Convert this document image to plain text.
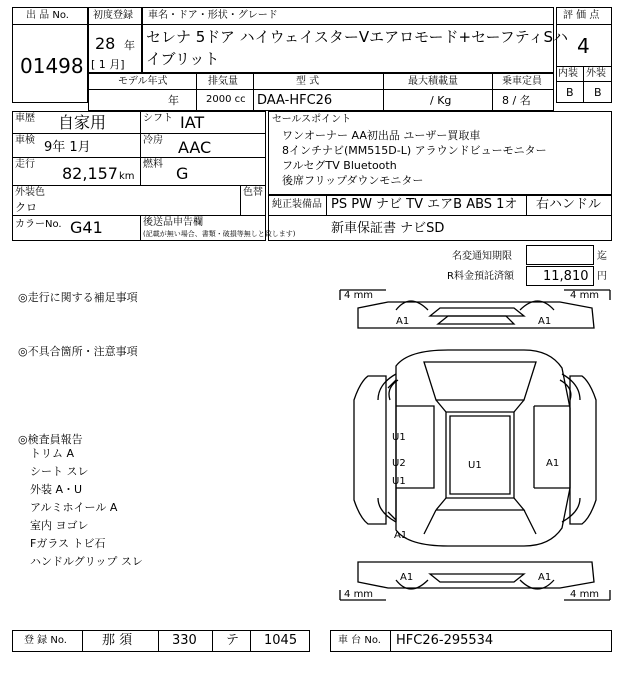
出 品 No.
01498
初度登録
28 年
[ 1 月]
車名・ドア・形状・グレード
セレナ 5ドア ハイウェイスターVエアロモード+セーフティSハ
イブリット
評 価 点
4
内装 外装
B B
モデル年式
年
排気量
2000 cc
型 式
DAA-HFC26
最大積載量
/ Kg
乗車定員
8 / 名
車歴 自家用	シフト IAT
車検 9年 1月	冷房 AAC
走行 82,157 km
燃料 G
外装色
クロ
色替
カラーNo. G41	後送品申告欄
(記載が無い場合、書類・破損等無しと致します)
セールスポイント
ワンオーナー AA初出品 ユーザー買取車
8インチナビ(MM515D-L) アラウンドビューモニター
フルセグTV Bluetooth
後席フリップダウンモニター
純正装備品 PS PW ナビ TV エアB ABS 1オ 右ハンドル
新車保証書 ナビSD
名変通知期限	迄
R料金預託済額 11,810 円
◎走行に関する補足事項
◎不具合箇所・注意事項
◎検査員報告
トリム A
シート スレ
外装 A・U
アルミホイール A
室内 ヨゴレ
Fガラス トビ石
ハンドルグリップ スレ
4 mm	4 mm
4 mm	4 mm
A1	A1
U1
U2
U1
U1	A1
A1
A1	A1
登 録 No.	那 須	330 テ 1045	車 台 No. HFC26-295534
